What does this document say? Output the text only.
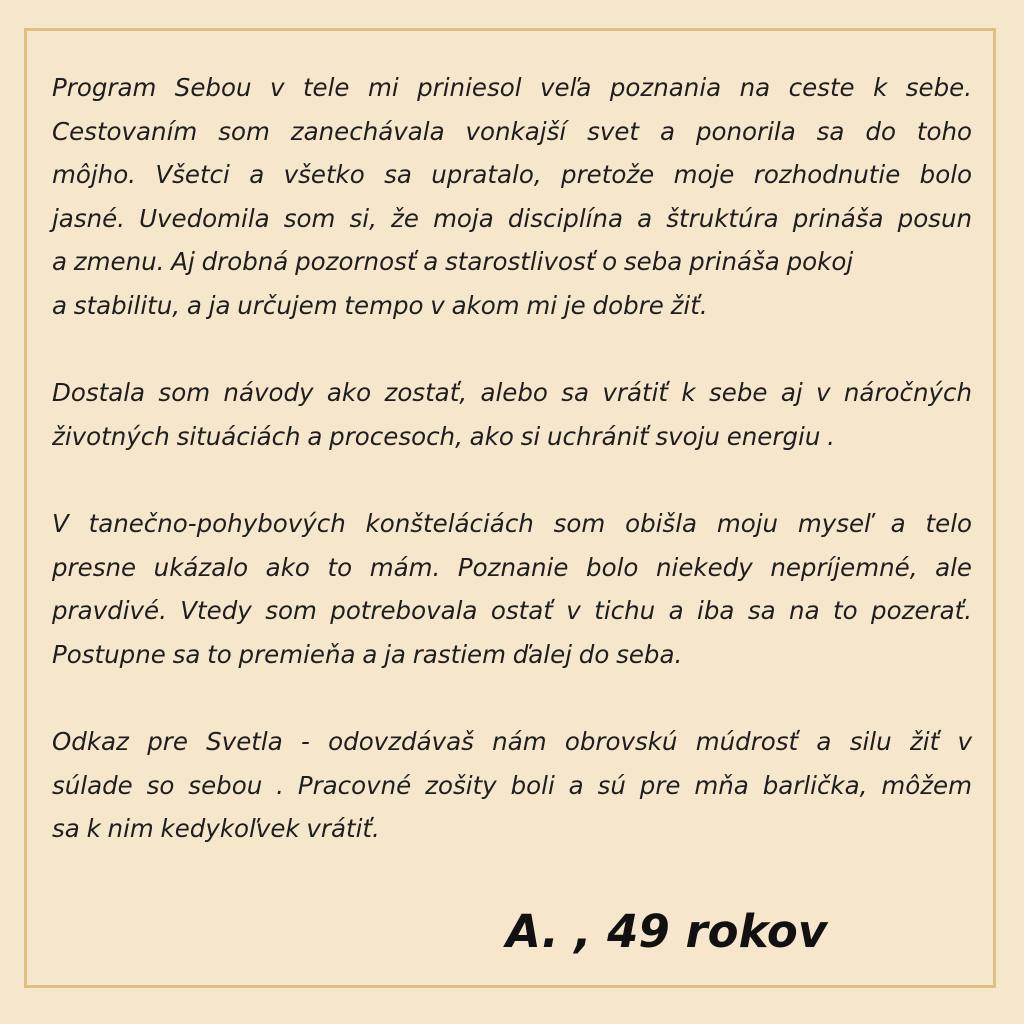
Program Sebou v tele mi priniesol veľa poznania na ceste k sebe.
Cestovaním som zanechávala vonkajší svet a ponorila sa do toho
môjho. Všetci a všetko sa upratalo, pretože moje rozhodnutie bolo
jasné. Uvedomila som si, že moja disciplína a štruktúra prináša posun
a zmenu. Aj drobná pozornosť a starostlivosť o seba prináša pokoj
a stabilitu, a ja určujem tempo v akom mi je dobre žiť.

Dostala som návody ako zostať, alebo sa vrátiť k sebe aj v náročných
životných situáciách a procesoch, ako si uchrániť svoju energiu .

V tanečno-pohybových konšteláciách som obišla moju myseľ a telo
presne ukázalo ako to mám. Poznanie bolo niekedy nepríjemné, ale
pravdivé. Vtedy som potrebovala ostať v tichu a iba sa na to pozerať.
Postupne sa to premieňa a ja rastiem ďalej do seba.

Odkaz pre Svetla - odovzdávaš nám obrovskú múdrosť a silu žiť v
súlade so sebou . Pracovné zošity boli a sú pre mňa barlička, môžem
sa k nim kedykoľvek vrátiť.

A. , 49 rokov
